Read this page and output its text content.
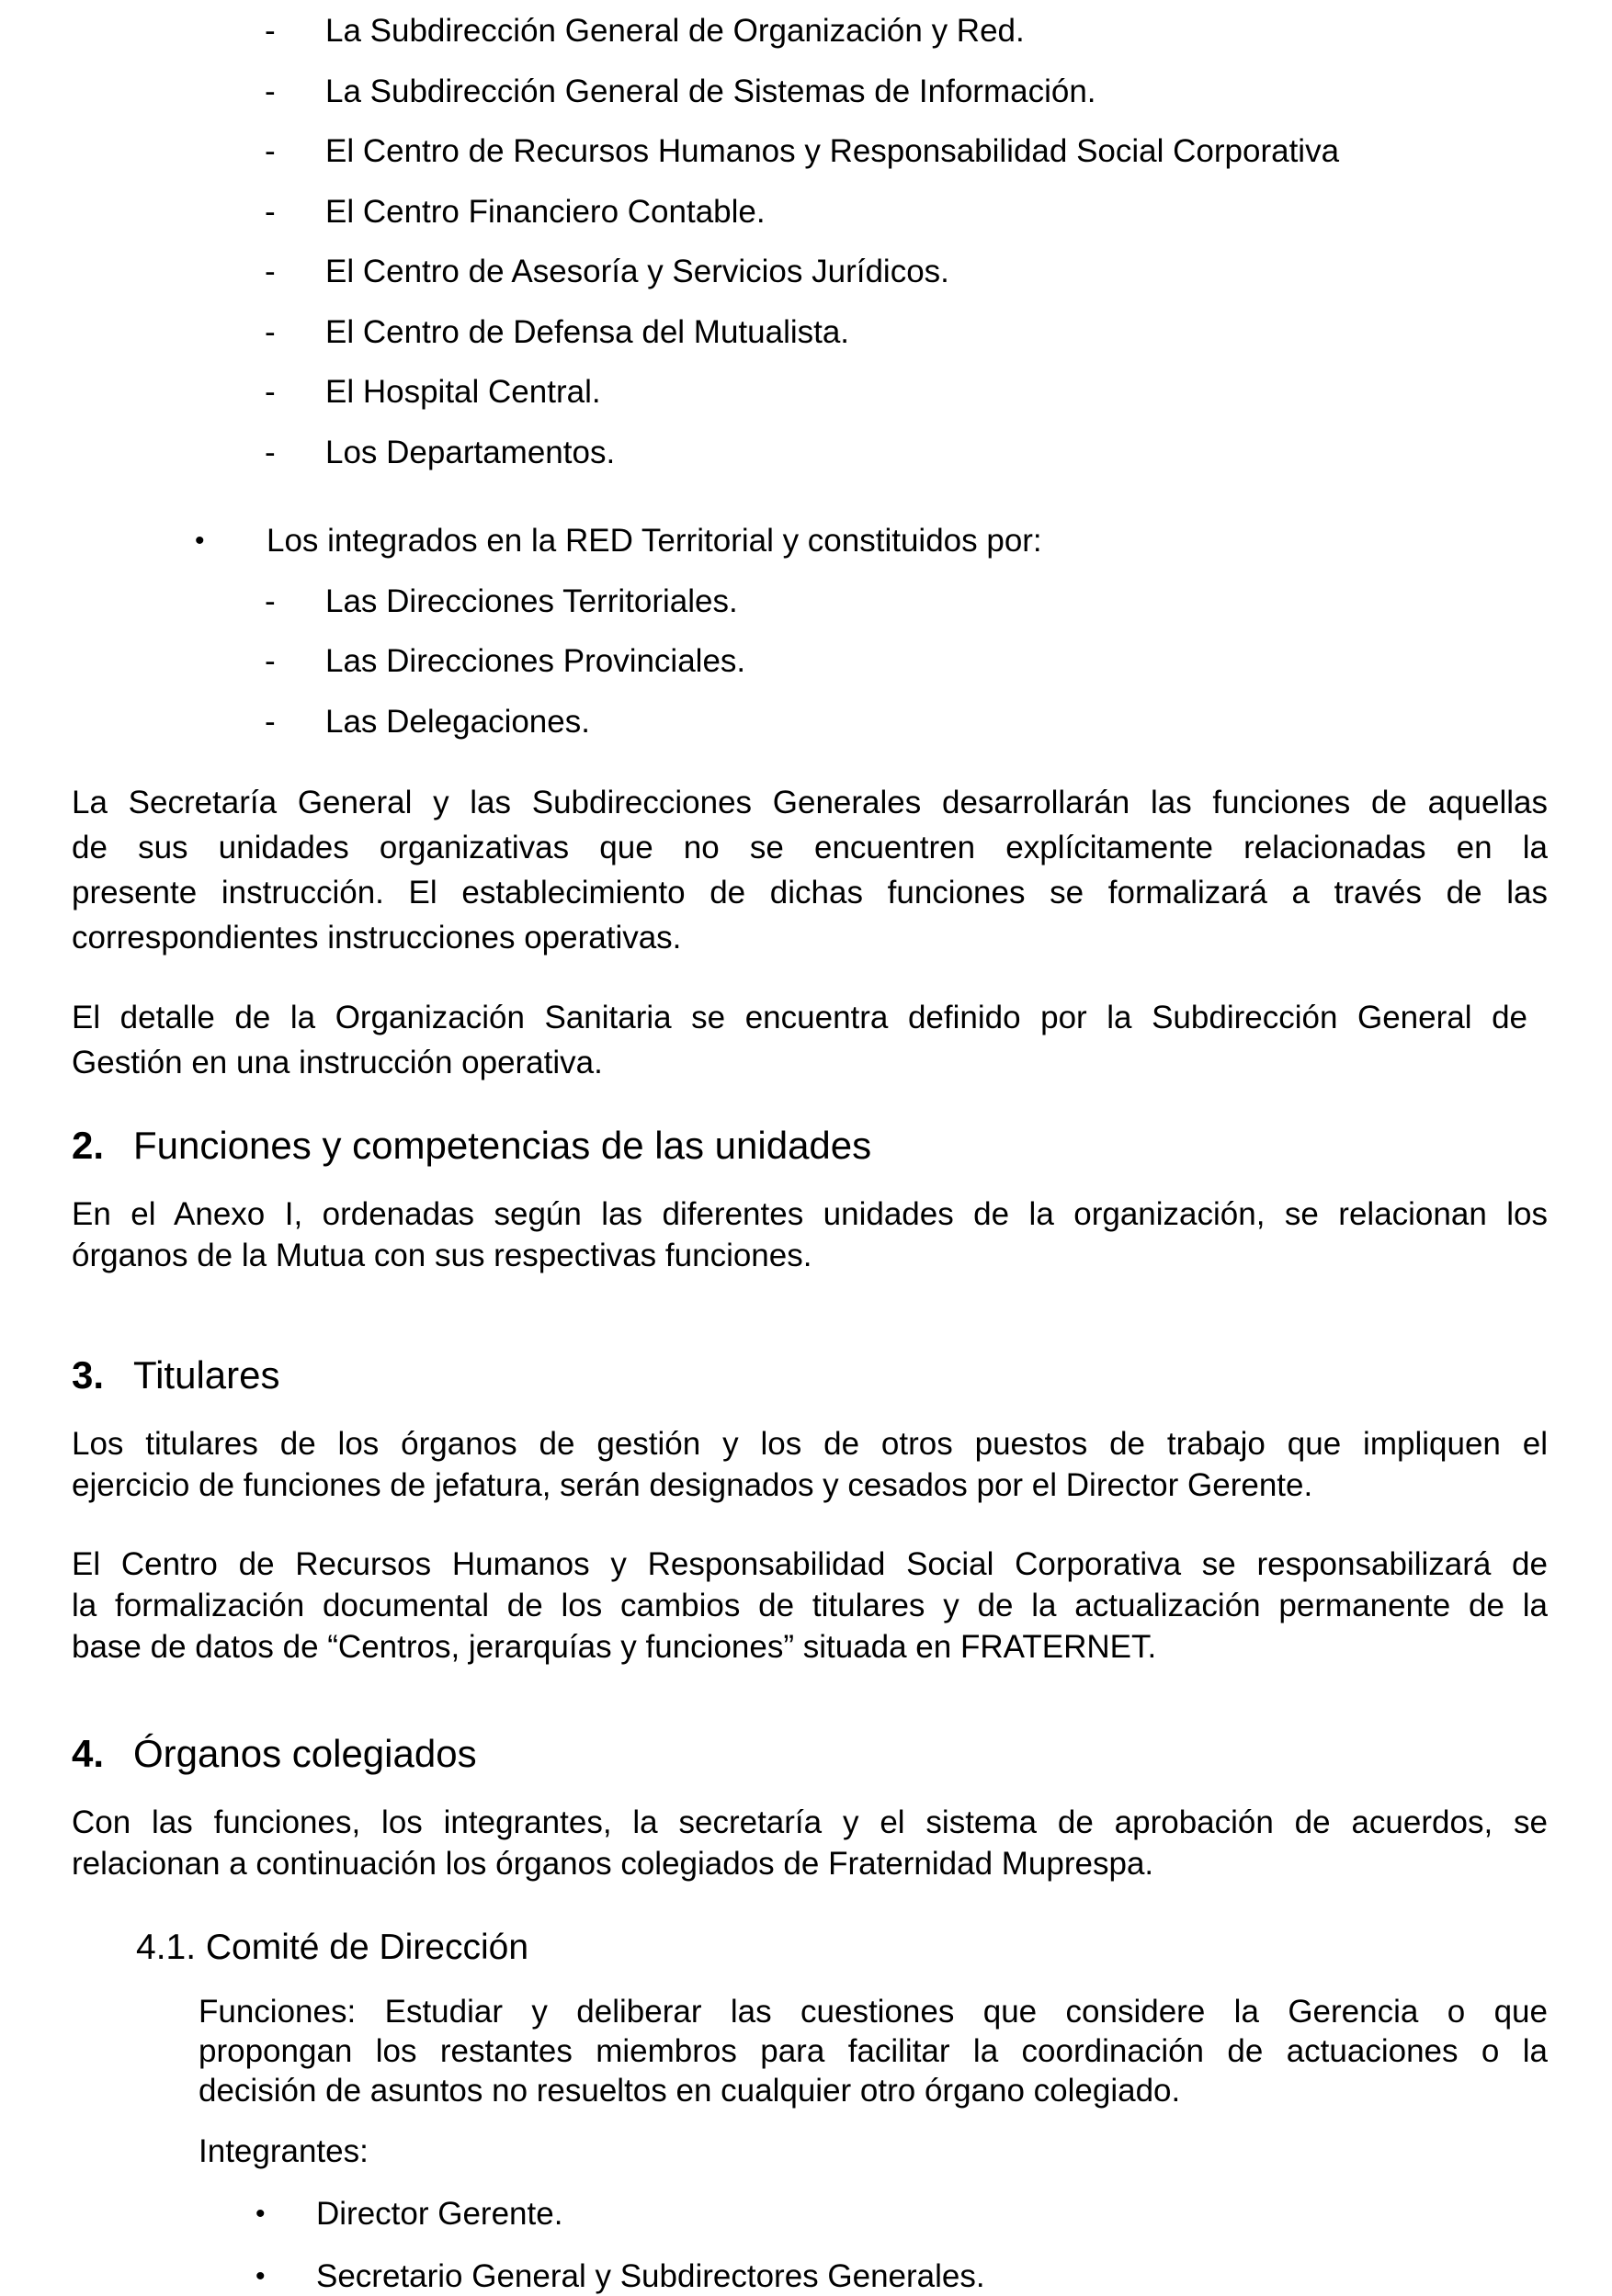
- La Subdirección General de Organización y Red.
- La Subdirección General de Sistemas de Información.
- El Centro de Recursos Humanos y Responsabilidad Social Corporativa
- El Centro Financiero Contable.
- El Centro de Asesoría y Servicios Jurídicos.
- El Centro de Defensa del Mutualista.
- El Hospital Central.
- Los Departamentos.
• Los integrados en la RED Territorial y constituidos por:
- Las Direcciones Territoriales.
- Las Direcciones Provinciales.
- Las Delegaciones.
La Secretaría General y las Subdirecciones Generales desarrollarán las funciones de aquellas
de sus unidades organizativas que no se encuentren explícitamente relacionadas en la
presente instrucción. El establecimiento de dichas funciones se formalizará a través de las
correspondientes instrucciones operativas.
El detalle de la Organización Sanitaria se encuentra definido por la Subdirección General de
Gestión en una instrucción operativa.
2. Funciones y competencias de las unidades
En el Anexo I, ordenadas según las diferentes unidades de la organización, se relacionan los
órganos de la Mutua con sus respectivas funciones.
3. Titulares
Los titulares de los órganos de gestión y los de otros puestos de trabajo que impliquen el
ejercicio de funciones de jefatura, serán designados y cesados por el Director Gerente.
El Centro de Recursos Humanos y Responsabilidad Social Corporativa se responsabilizará de
la formalización documental de los cambios de titulares y de la actualización permanente de la
base de datos de “Centros, jerarquías y funciones” situada en FRATERNET.
4. Órganos colegiados
Con las funciones, los integrantes, la secretaría y el sistema de aprobación de acuerdos, se
relacionan a continuación los órganos colegiados de Fraternidad Muprespa.
4.1. Comité de Dirección
Funciones: Estudiar y deliberar las cuestiones que considere la Gerencia o que
propongan los restantes miembros para facilitar la coordinación de actuaciones o la
decisión de asuntos no resueltos en cualquier otro órgano colegiado.
Integrantes:
• Director Gerente.
• Secretario General y Subdirectores Generales.
